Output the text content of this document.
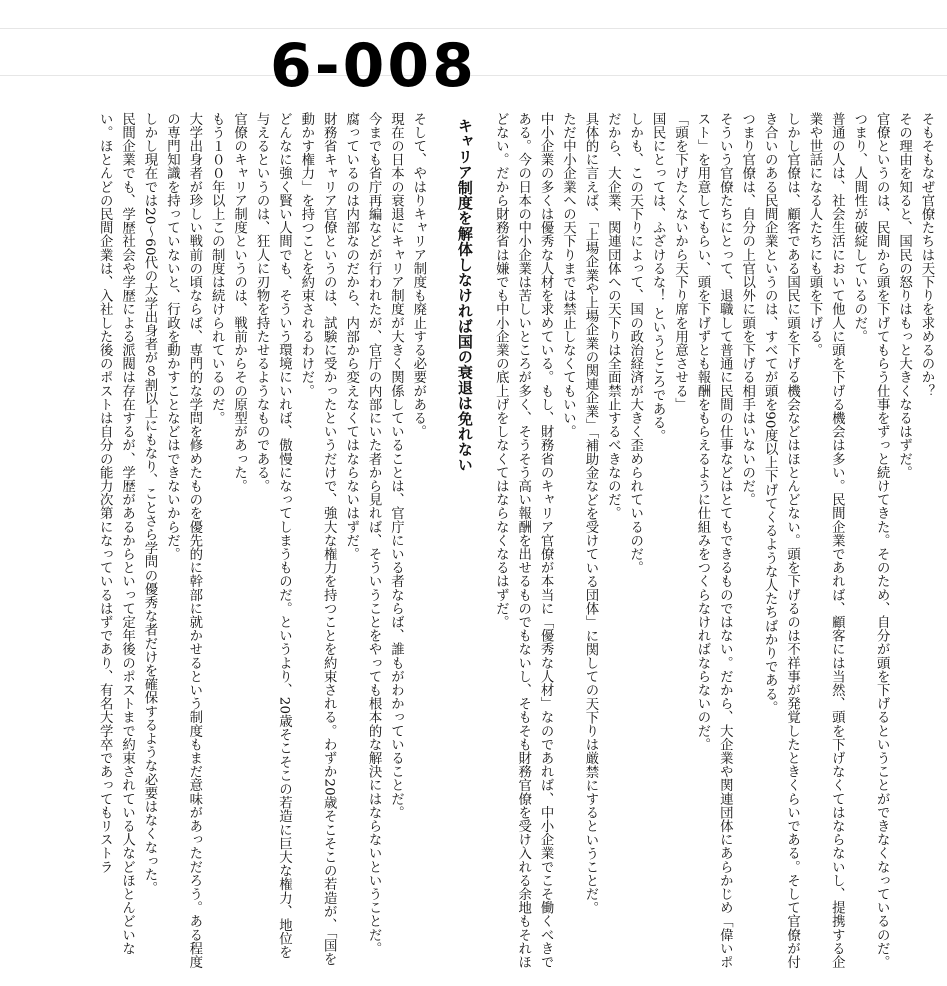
6-008

そもそもなぜ官僚たちは天下りを求めるのか？

その理由を知ると、国民の怒りはもっと大きくなるはずだ。

官僚というのは、民間から頭を下げてもらう仕事をずっと続けてきた。そのため、自分が頭を下げるということができなくなっているのだ。つまり、人間性が破綻しているのだ。

普通の人は、社会生活において他人に頭を下げる機会は多い。民間企業であれば、顧客には当然、頭を下げなくてはならないし、提携する企業や世話になる人たちにも頭を下げる。

しかし官僚は、顧客である国民に頭を下げる機会などはほとんどない。頭を下げるのは不祥事が発覚したときくらいである。そして官僚が付き合いのある民間企業というのは、すべてが頭を90度以上下げてくるような人たちばかりである。

つまり官僚は、自分の上官以外に頭を下げる相手はいないのだ。

そういう官僚たちにとって、退職して普通に民間の仕事などはとてもできるものではない。だから、大企業や関連団体にあらかじめ「偉いポスト」を用意してもらい、頭を下げずとも報酬をもらえるように仕組みをつくらなければならないのだ。

「頭を下げたくないから天下り席を用意させる」

国民にとっては、ふざけるな！ というところである。

しかも、この天下りによって、国の政治経済が大きく歪められているのだ。

だから、大企業、関連団体への天下りは全面禁止するべきなのだ。

具体的に言えば、「上場企業や上場企業の関連企業」「補助金などを受けている団体」に関しての天下りは厳禁にするということだ。

ただ中小企業への天下りまでは禁止しなくてもいい。

中小企業の多くは優秀な人材を求めている。もし、財務省のキャリア官僚が本当に「優秀な人材」なのであれば、中小企業でこそ働くべきである。今の日本の中小企業は苦しいところが多く、そうそう高い報酬を出せるものでもないし、そもそも財務官僚を受け入れる余地もそれほどない。だから財務省は嫌でも中小企業の底上げをしなくてはならなくなるはずだ。

キャリア制度を解体しなければ国の衰退は免れない

そして、やはりキャリア制度も廃止する必要がある。

現在の日本の衰退にキャリア制度が大きく関係していることは、官庁にいる者ならば、誰もがわかっていることだ。

今までも省庁再編などが行われたが、官庁の内部にいた者から見れば、そういうことをやっても根本的な解決にはならないということだ。

腐っているのは内部なのだから、内部から変えなくてはならないはずだ。

財務省キャリア官僚というのは、試験に受かったというだけで、強大な権力を持つことを約束される。わずか20歳そこそこの若造が、「国を動かす権力」を持つことを約束されるわけだ。

どんなに強く賢い人間でも、そういう環境にいれば、傲慢になってしまうものだ。というより、20歳そこそこの若造に巨大な権力、地位を与えるというのは、狂人に刃物を持たせるようなものである。

官僚のキャリア制度というのは、戦前からその原型があった。

もう１００年以上この制度は続けられているのだ。

大学出身者が珍しい戦前の頃ならば、専門的な学問を修めたものを優先的に幹部に就かせるという制度もまだ意味があっただろう。ある程度の専門知識を持っていないと、行政を動かすことなどはできないからだ。

しかし現在では20～60代の大学出身者が８割以上にもなり、ことさら学問の優秀な者だけを確保するような必要はなくなった。

民間企業でも、学歴社会や学歴による派閥は存在するが、学歴があるからといって定年後のポストまで約束されている人などほとんどいない。ほとんどの民間企業は、入社した後のポストは自分の能力次第になっているはずであり、有名大学卒であってもリストラ
